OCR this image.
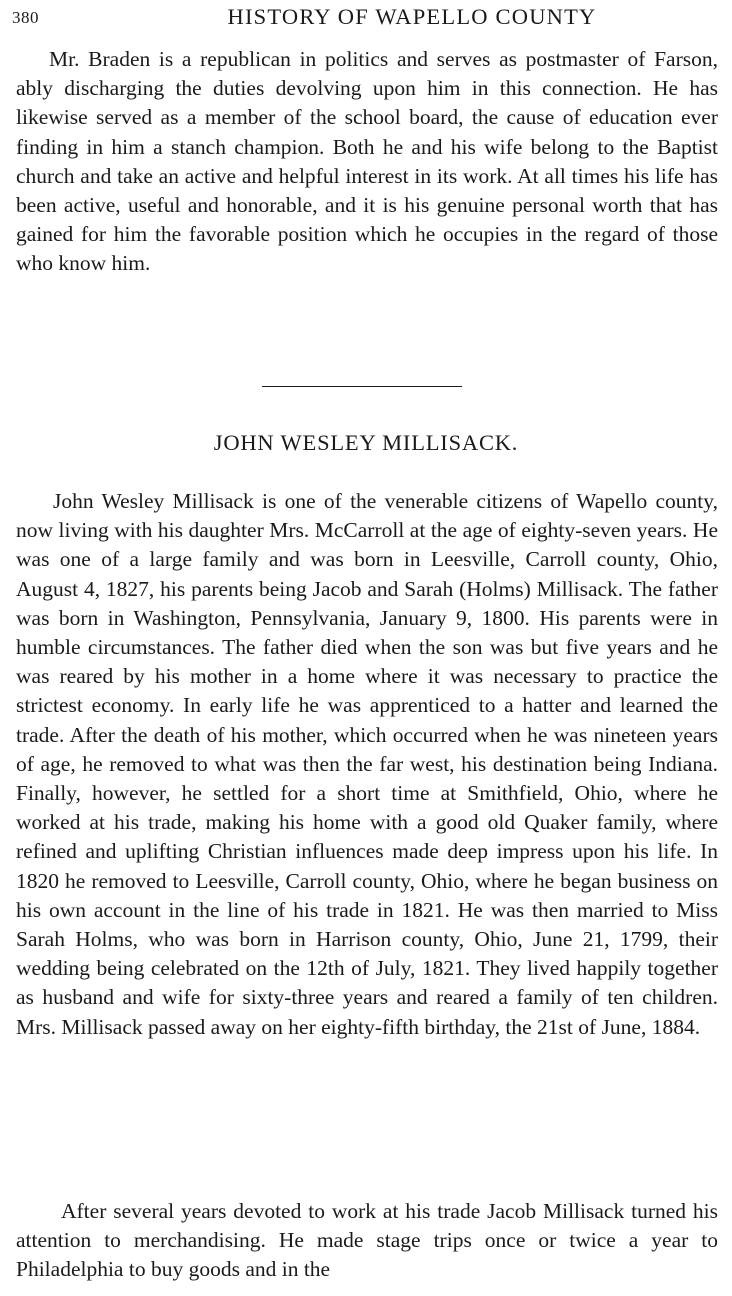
380	HISTORY OF WAPELLO COUNTY

Mr. Braden is a republican in politics and serves as postmaster of Farson, ably discharging the duties devolving upon him in this connection. He has likewise served as a member of the school board, the cause of education ever finding in him a stanch champion. Both he and his wife belong to the Baptist church and take an active and helpful interest in its work. At all times his life has been active, useful and honorable, and it is his genuine personal worth that has gained for him the favorable position which he occupies in the regard of those who know him.

JOHN WESLEY MILLISACK.

John Wesley Millisack is one of the venerable citizens of Wapello county, now living with his daughter Mrs. McCarroll at the age of eighty-seven years. He was one of a large family and was born in Leesville, Carroll county, Ohio, August 4, 1827, his parents being Jacob and Sarah (Holms) Millisack. The father was born in Washington, Pennsylvania, January 9, 1800. His parents were in humble circumstances. The father died when the son was but five years and he was reared by his mother in a home where it was necessary to practice the strictest economy. In early life he was apprenticed to a hatter and learned the trade. After the death of his mother, which occurred when he was nineteen years of age, he removed to what was then the far west, his destination being Indiana. Finally, however, he settled for a short time at Smithfield, Ohio, where he worked at his trade, making his home with a good old Quaker family, where refined and uplifting Christian influences made deep impress upon his life. In 1820 he removed to Leesville, Carroll county, Ohio, where he began business on his own account in the line of his trade in 1821. He was then married to Miss Sarah Holms, who was born in Harrison county, Ohio, June 21, 1799, their wedding being celebrated on the 12th of July, 1821. They lived happily together as husband and wife for sixty-three years and reared a family of ten children. Mrs. Millisack passed away on her eighty-fifth birthday, the 21st of June, 1884.

After several years devoted to work at his trade Jacob Millisack turned his attention to merchandising. He made stage trips once or twice a year to Philadelphia to buy goods and in the
